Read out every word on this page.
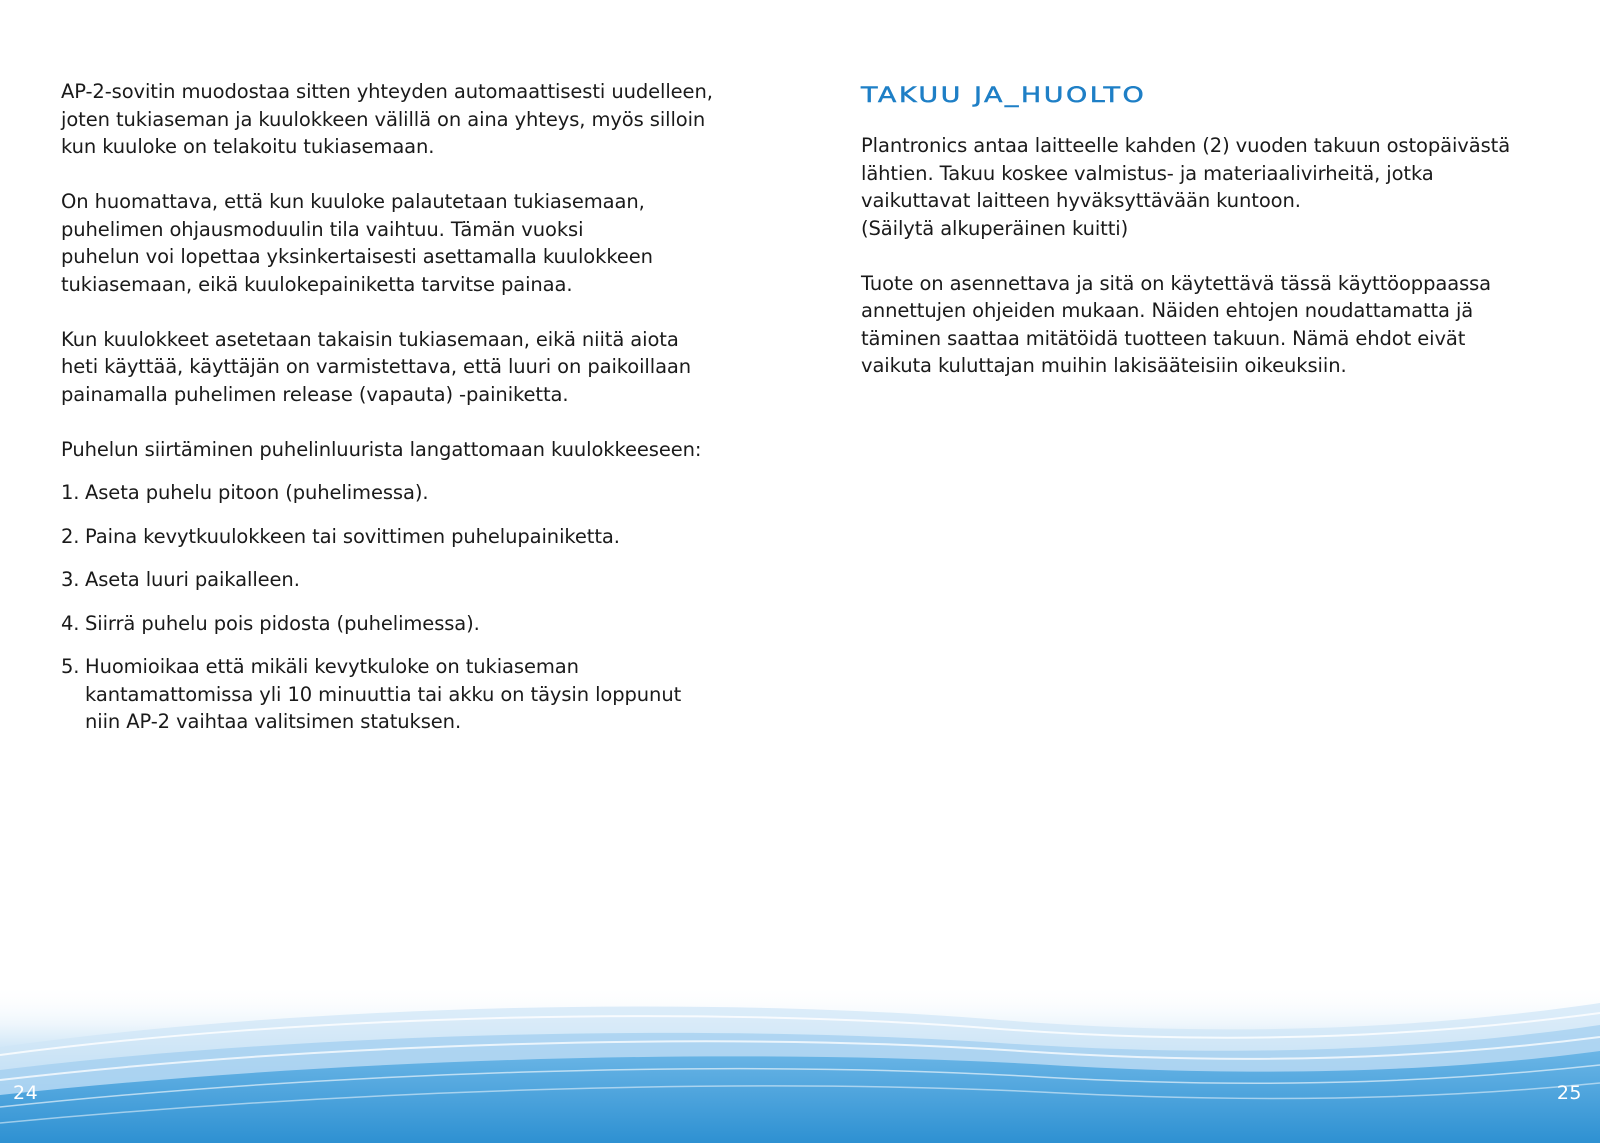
AP-2-sovitin muodostaa sitten yhteyden automaattisesti uudelleen,
joten tukiaseman ja kuulokkeen välillä on aina yhteys, myös silloin
kun kuuloke on telakoitu tukiasemaan.

On huomattava, että kun kuuloke palautetaan tukiasemaan,
puhelimen ohjausmoduulin tila vaihtuu. Tämän vuoksi
puhelun voi lopettaa yksinkertaisesti asettamalla kuulokkeen
tukiasemaan, eikä kuulokepainiketta tarvitse painaa.

Kun kuulokkeet asetetaan takaisin tukiasemaan, eikä niitä aiota
heti käyttää, käyttäjän on varmistettava, että luuri on paikoillaan
painamalla puhelimen release (vapauta) -painiketta.

Puhelun siirtäminen puhelinluurista langattomaan kuulokkeeseen:

1. Aseta puhelu pitoon (puhelimessa).
2. Paina kevytkuulokkeen tai sovittimen puhelupainiketta.
3. Aseta luuri paikalleen.
4. Siirrä puhelu pois pidosta (puhelimessa).
5. Huomioikaa että mikäli kevytkuloke on tukiaseman
kantamattomissa yli 10 minuuttia tai akku on täysin loppunut
niin AP-2 vaihtaa valitsimen statuksen.
TAKUU JA_HUOLTO

Plantronics antaa laitteelle kahden (2) vuoden takuun ostopäivästä
lähtien. Takuu koskee valmistus- ja materiaalivirheitä, jotka
vaikuttavat laitteen hyväksyttävään kuntoon.
(Säilytä alkuperäinen kuitti)

Tuote on asennettava ja sitä on käytettävä tässä käyttöoppaassa
annettujen ohjeiden mukaan. Näiden ehtojen noudattamatta jä
täminen saattaa mitätöidä tuotteen takuun. Nämä ehdot eivät
vaikuta kuluttajan muihin lakisääteisiin oikeuksiin.

24	25
